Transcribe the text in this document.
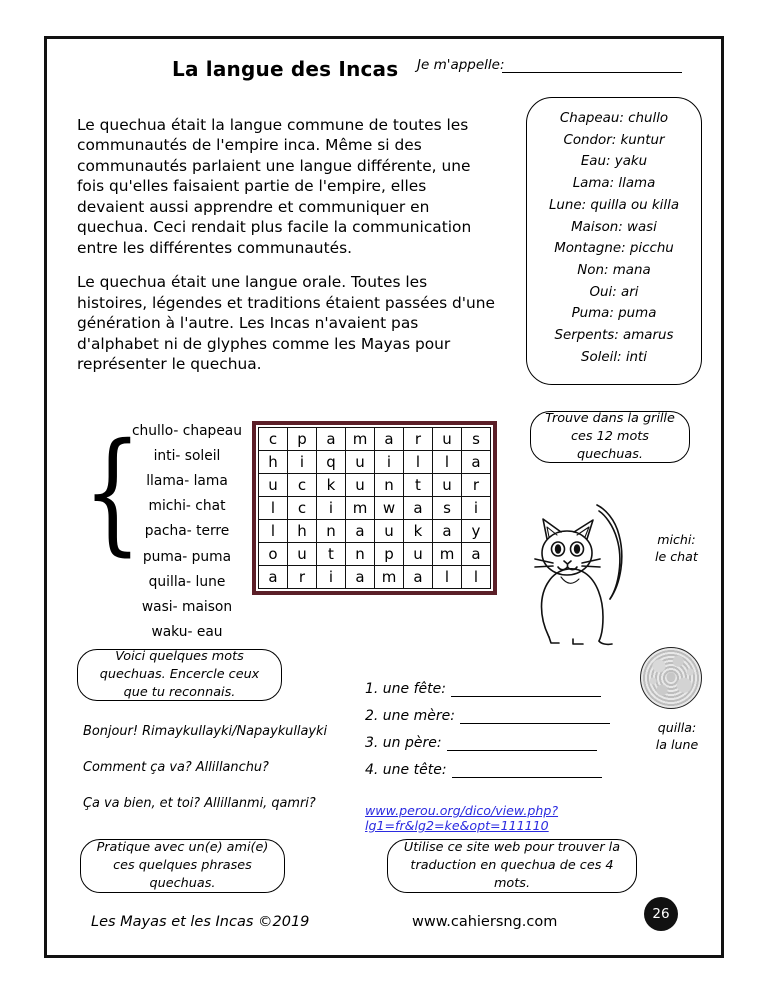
La langue des Incas Je m'appelle:

Le quechua était la langue commune de toutes les communautés de l'empire inca. Même si des communautés parlaient une langue différente, une fois qu'elles faisaient partie de l'empire, elles devaient aussi apprendre et communiquer en quechua. Ceci rendait plus facile la communication entre les différentes communautés.

Le quechua était une langue orale. Toutes les histoires, légendes et traditions étaient passées d'une génération à l'autre. Les Incas n'avaient pas d'alphabet ni de glyphes comme les Mayas pour représenter le quechua.

Chapeau: chullo
Condor: kuntur
Eau: yaku
Lama: llama
Lune: quilla ou killa
Maison: wasi
Montagne: picchu
Non: mana
Oui: ari
Puma: puma
Serpents: amarus
Soleil: inti
{
chullo- chapeau
inti- soleil
llama- lama
michi- chat
pacha- terre
puma- puma
quilla- lune
wasi- maison
waku- eau
c	p	a	m	a	r	u	s
h	i	q	u	i	l	l	a
u	c	k	u	n	t	u	r
l	c	i	m	w	a	s	i
l	h	n	a	u	k	a	y
o	u	t	n	p	u	m	a
a	r	i	a	m	a	l	l
Trouve dans la grille ces 12 mots quechuas.
Voici quelques mots quechuas. Encercle ceux que tu reconnais.
Pratique avec un(e) ami(e) ces quelques phrases quechuas.
Utilise ce site web pour trouver la traduction en quechua de ces 4 mots.
michi:
le chat
quilla:
la lune
Bonjour! Rimaykullayki/Napaykullayki
Comment ça va? Allillanchu?
Ça va bien, et toi? Allillanmi, qamri?
1. une fête:
2. une mère:
3. un père:
4. une tête:
www.perou.org/dico/view.php?lg1=fr&lg2=ke&opt=111110
Les Mayas et les Incas ©2019	www.cahiersng.com	26
